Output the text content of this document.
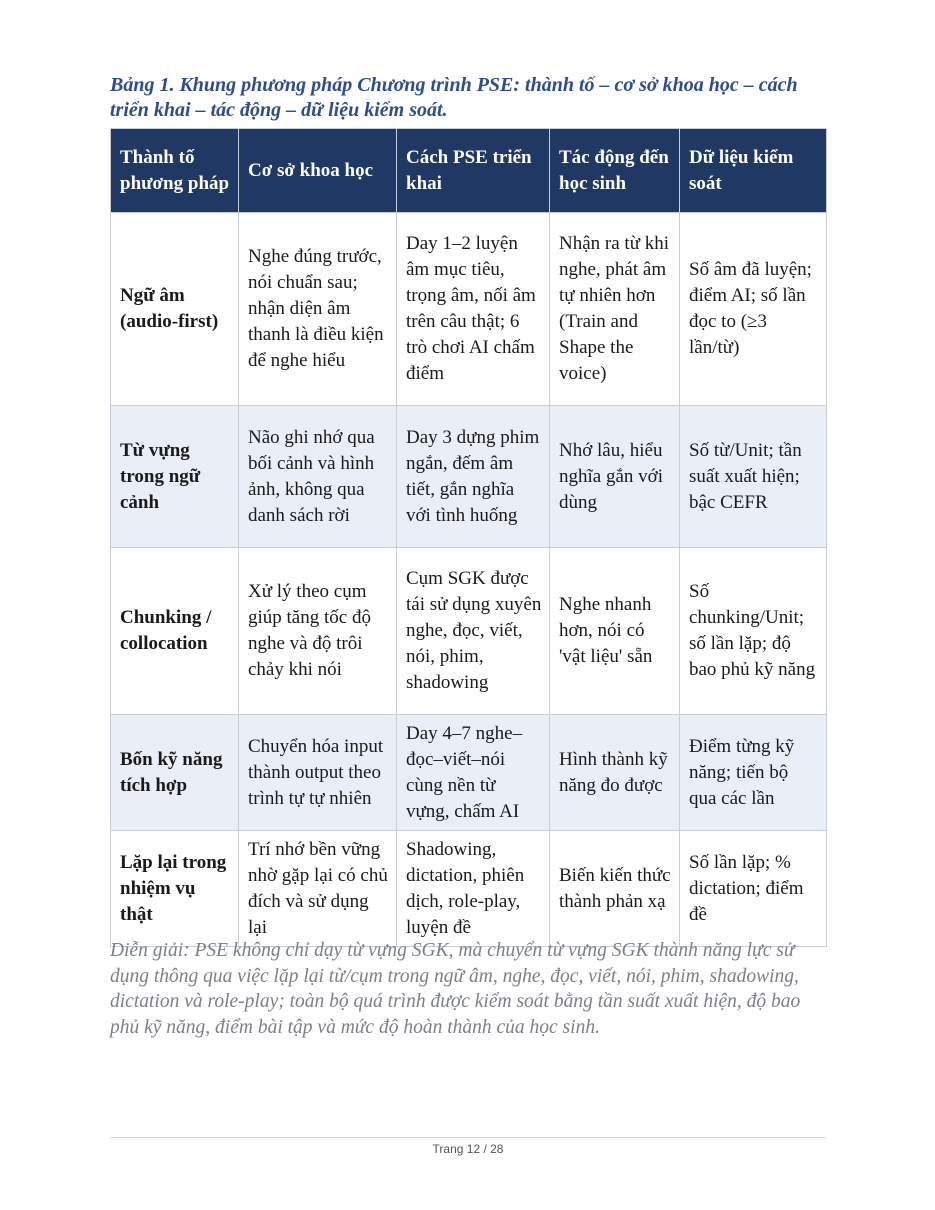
Bảng 1. Khung phương pháp Chương trình PSE: thành tố – cơ sở khoa học – cách triển khai – tác động – dữ liệu kiểm soát.

Thành tố phương pháp	Cơ sở khoa học	Cách PSE triển khai	Tác động đến học sinh	Dữ liệu kiểm soát
Ngữ âm (audio-first)	Nghe đúng trước, nói chuẩn sau; nhận diện âm thanh là điều kiện để nghe hiểu	Day 1–2 luyện âm mục tiêu, trọng âm, nối âm trên câu thật; 6 trò chơi AI chấm điểm	Nhận ra từ khi nghe, phát âm tự nhiên hơn (Train and Shape the voice)	Số âm đã luyện; điểm AI; số lần đọc to (≥3 lần/từ)
Từ vựng trong ngữ cảnh	Não ghi nhớ qua bối cảnh và hình ảnh, không qua danh sách rời	Day 3 dựng phim ngắn, đếm âm tiết, gắn nghĩa với tình huống	Nhớ lâu, hiểu nghĩa gắn với dùng	Số từ/Unit; tần suất xuất hiện; bậc CEFR
Chunking / collocation	Xử lý theo cụm giúp tăng tốc độ nghe và độ trôi chảy khi nói	Cụm SGK được tái sử dụng xuyên nghe, đọc, viết, nói, phim, shadowing	Nghe nhanh hơn, nói có 'vật liệu' sẵn	Số chunking/Unit; số lần lặp; độ bao phủ kỹ năng
Bốn kỹ năng tích hợp	Chuyển hóa input thành output theo trình tự tự nhiên	Day 4–7 nghe–đọc–viết–nói cùng nền từ vựng, chấm AI	Hình thành kỹ năng đo được	Điểm từng kỹ năng; tiến bộ qua các lần
Lặp lại trong nhiệm vụ thật	Trí nhớ bền vững nhờ gặp lại có chủ đích và sử dụng lại	Shadowing, dictation, phiên dịch, role-play, luyện đề	Biến kiến thức thành phản xạ	Số lần lặp; % dictation; điểm đề

Diễn giải: PSE không chỉ dạy từ vựng SGK, mà chuyển từ vựng SGK thành năng lực sử dụng thông qua việc lặp lại từ/cụm trong ngữ âm, nghe, đọc, viết, nói, phim, shadowing, dictation và role-play; toàn bộ quá trình được kiểm soát bằng tần suất xuất hiện, độ bao phủ kỹ năng, điểm bài tập và mức độ hoàn thành của học sinh.

Trang 12 / 28
